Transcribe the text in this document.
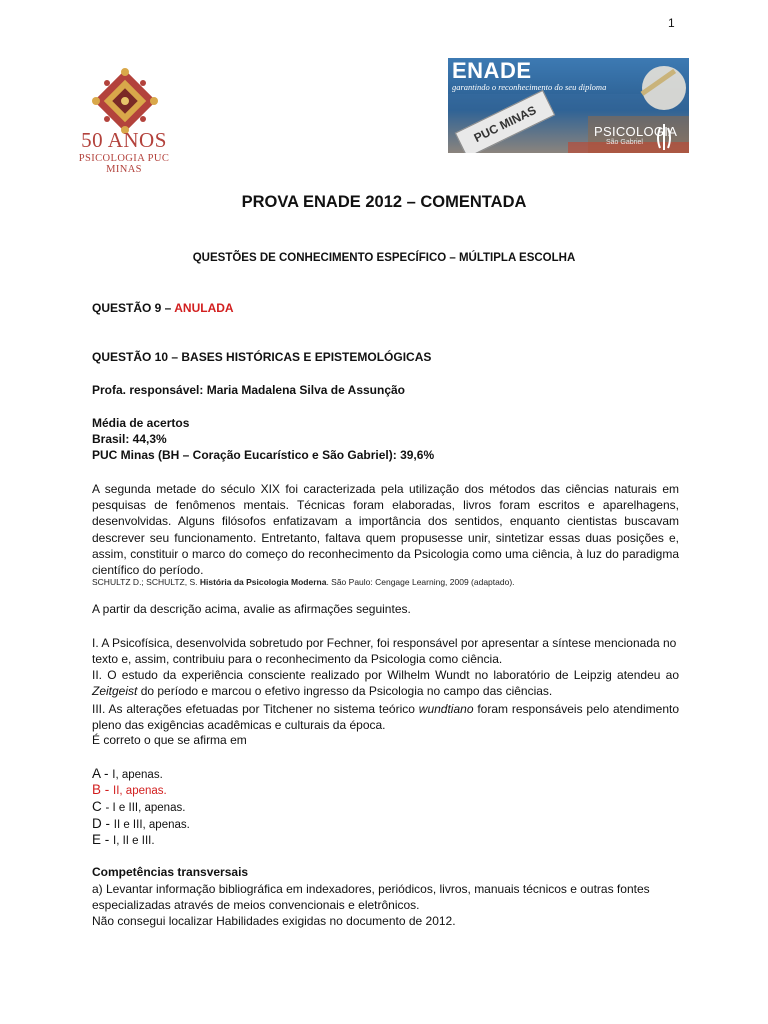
1
50 ANOS
PSICOLOGIA PUC MINAS
ENADE
garantindo o reconhecimento do seu diploma
PUC MINAS	PSICOLOGIA
São Gabriel
PROVA ENADE 2012 – COMENTADA
QUESTÕES DE CONHECIMENTO ESPECÍFICO – MÚLTIPLA ESCOLHA
QUESTÃO 9 – ANULADA
QUESTÃO 10 – BASES HISTÓRICAS E EPISTEMOLÓGICAS
Profa. responsável: Maria Madalena Silva de Assunção
Média de acertos
Brasil: 44,3%
PUC Minas (BH – Coração Eucarístico e São Gabriel): 39,6%

A segunda metade do século XIX foi caracterizada pela utilização dos métodos das ciências naturais em pesquisas de fenômenos mentais. Técnicas foram elaboradas, livros foram escritos e aparelhagens, desenvolvidas. Alguns filósofos enfatizavam a importância dos sentidos, enquanto cientistas buscavam descrever seu funcionamento. Entretanto, faltava quem propusesse unir, sintetizar essas duas posições e, assim, constituir o marco do começo do reconhecimento da Psicologia como uma ciência, à luz do paradigma científico do período.

SCHULTZ D.; SCHULTZ, S. História da Psicologia Moderna. São Paulo: Cengage Learning, 2009 (adaptado).
A partir da descrição acima, avalie as afirmações seguintes.

I. A Psicofísica, desenvolvida sobretudo por Fechner, foi responsável por apresentar a síntese mencionada no texto e, assim, contribuiu para o reconhecimento da Psicologia como ciência.

II. O estudo da experiência consciente realizado por Wilhelm Wundt no laboratório de Leipzig atendeu ao Zeitgeist do período e marcou o efetivo ingresso da Psicologia no campo das ciências.

III. As alterações efetuadas por Titchener no sistema teórico wundtiano foram responsáveis pelo atendimento pleno das exigências acadêmicas e culturais da época.

É correto o que se afirma em
A - I, apenas.
B - II, apenas.
C - I e III, apenas.
D - II e III, apenas.
E - I, II e III.
Competências transversais

a) Levantar informação bibliográfica em indexadores, periódicos, livros, manuais técnicos e outras fontes especializadas através de meios convencionais e eletrônicos.

Não consegui localizar Habilidades exigidas no documento de 2012.
